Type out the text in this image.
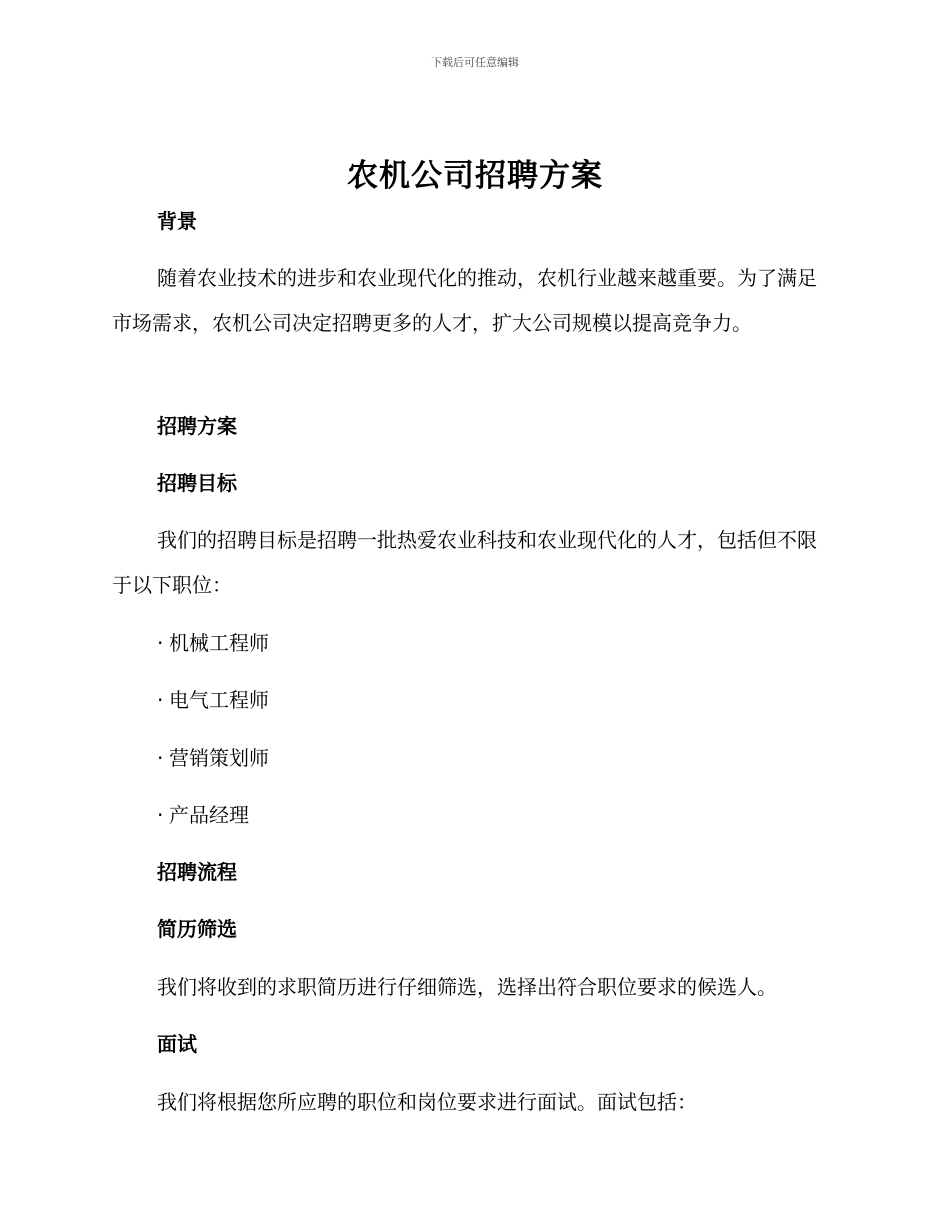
下载后可任意编辑
农机公司招聘方案
背景
随着农业技术的进步和农业现代化的推动，农机行业越来越重要。为了满足市场需求，农机公司决定招聘更多的人才，扩大公司规模以提高竞争力。
招聘方案
招聘目标
我们的招聘目标是招聘一批热爱农业科技和农业现代化的人才，包括但不限于以下职位：
· 机械工程师
· 电气工程师
· 营销策划师
· 产品经理
招聘流程
简历筛选
我们将收到的求职简历进行仔细筛选，选择出符合职位要求的候选人。
面试
我们将根据您所应聘的职位和岗位要求进行面试。面试包括：
